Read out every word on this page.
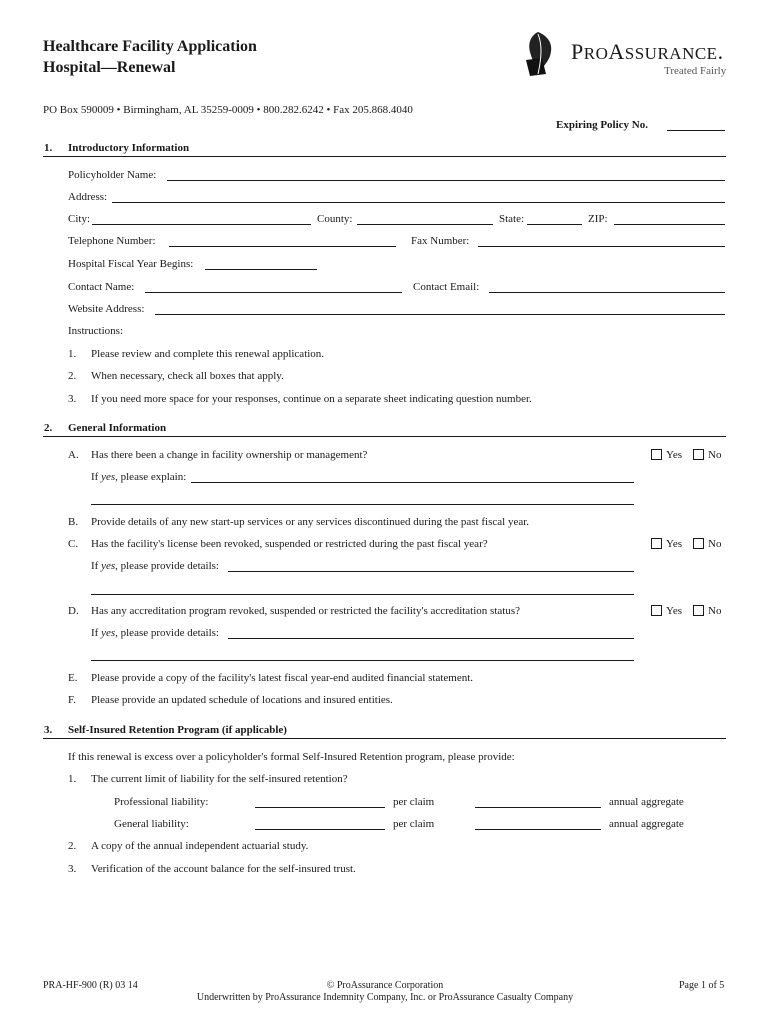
Healthcare Facility Application
Hospital—Renewal
PROASSURANCE.
Treated Fairly
PO Box 590009 • Birmingham, AL 35259-0009 • 800.282.6242 • Fax 205.868.4040
Expiring Policy No.
1. Introductory Information
Policyholder Name:
Address:
City:	County:	State:	ZIP:
Telephone Number:	Fax Number:
Hospital Fiscal Year Begins:
Contact Name:	Contact Email:
Website Address:
Instructions:
1. Please review and complete this renewal application.
2. When necessary, check all boxes that apply.
3. If you need more space for your responses, continue on a separate sheet indicating question number.
2. General Information
A. Has there been a change in facility ownership or management?	Yes No
If yes, please explain:
B. Provide details of any new start-up services or any services discontinued during the past fiscal year.
C. Has the facility's license been revoked, suspended or restricted during the past fiscal year?	Yes No
If yes, please provide details:
D. Has any accreditation program revoked, suspended or restricted the facility's accreditation status?	Yes No
If yes, please provide details:
E. Please provide a copy of the facility's latest fiscal year-end audited financial statement.
F. Please provide an updated schedule of locations and insured entities.
3. Self-Insured Retention Program (if applicable)
If this renewal is excess over a policyholder's formal Self-Insured Retention program, please provide:
1. The current limit of liability for the self-insured retention?
Professional liability:	per claim	annual aggregate
General liability:	per claim	annual aggregate
2. A copy of the annual independent actuarial study.
3. Verification of the account balance for the self-insured trust.
PRA-HF-900 (R) 03 14	© ProAssurance Corporation
Underwritten by ProAssurance Indemnity Company, Inc. or ProAssurance Casualty Company
Page 1 of 5
